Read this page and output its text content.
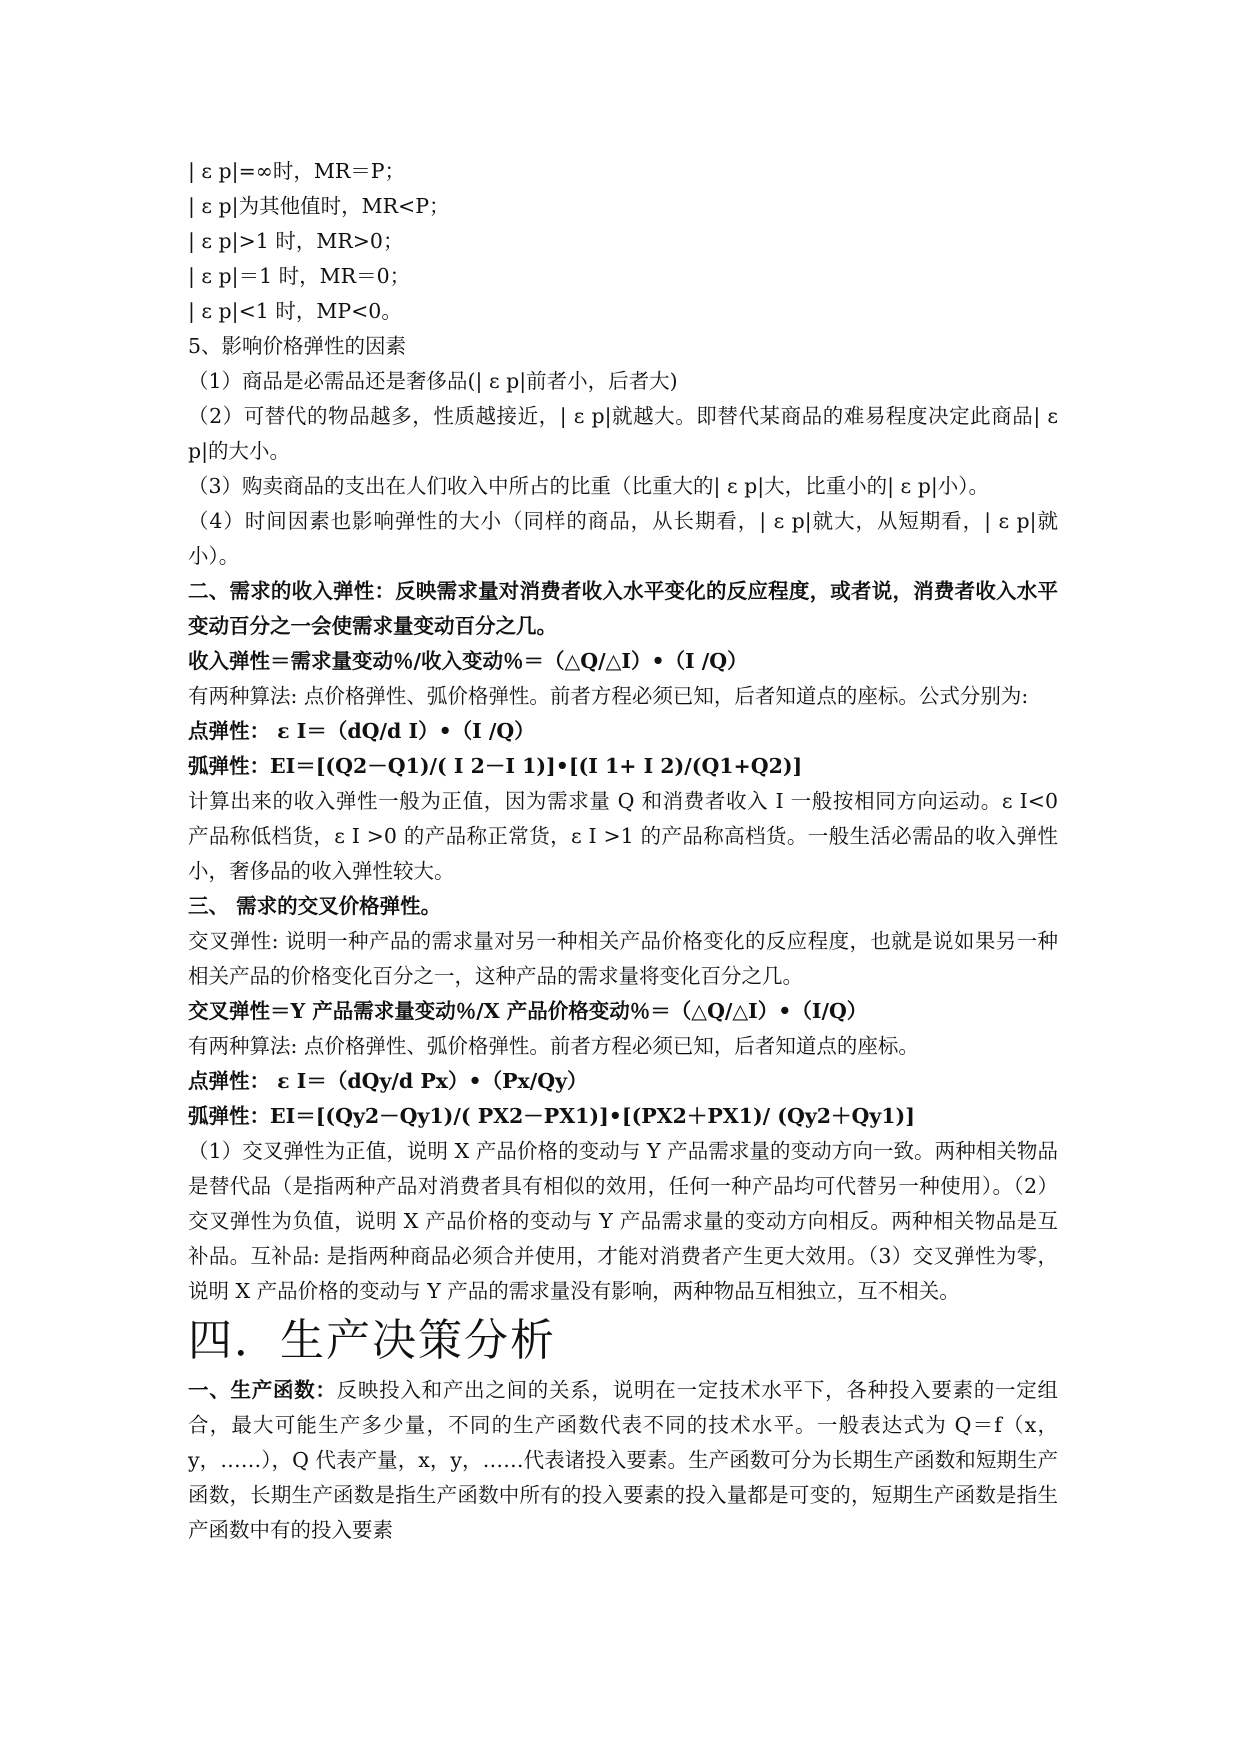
| ε p|=∞时，MR＝P；

| ε p|为其他值时，MR<P；

| ε p|>1 时，MR>0；

| ε p|＝1 时，MR＝0；

| ε p|<1 时，MP<0。

5、影响价格弹性的因素

（1）商品是必需品还是奢侈品(| ε p|前者小，后者大)

（2）可替代的物品越多，性质越接近，| ε p|就越大。即替代某商品的难易程度决定此商品| ε p|的大小。

（3）购卖商品的支出在人们收入中所占的比重（比重大的| ε p|大，比重小的| ε p|小）。

（4）时间因素也影响弹性的大小（同样的商品，从长期看，| ε p|就大，从短期看，| ε p|就小）。

二、需求的收入弹性：反映需求量对消费者收入水平变化的反应程度，或者说，消费者收入水平变动百分之一会使需求量变动百分之几。

收入弹性＝需求量变动％/收入变动％＝（△Q/△I）•（I /Q）

有两种算法: 点价格弹性、弧价格弹性。前者方程必须已知，后者知道点的座标。公式分别为:

点弹性： ε I＝（dQ/d I）•（I /Q）

弧弹性：EI＝[(Q2－Q1)/( I 2－I 1)]•[(I 1+ I 2)/(Q1+Q2)]

计算出来的收入弹性一般为正值，因为需求量 Q 和消费者收入 I 一般按相同方向运动。ε I<0 产品称低档货，ε I >0 的产品称正常货，ε I >1 的产品称高档货。一般生活必需品的收入弹性小，奢侈品的收入弹性较大。

三、 需求的交叉价格弹性。

交叉弹性: 说明一种产品的需求量对另一种相关产品价格变化的反应程度，也就是说如果另一种相关产品的价格变化百分之一，这种产品的需求量将变化百分之几。

交叉弹性＝Y 产品需求量变动％/X 产品价格变动％＝（△Q/△I）•（I/Q）

有两种算法: 点价格弹性、弧价格弹性。前者方程必须已知，后者知道点的座标。

点弹性： ε I＝（dQy/d Px）•（Px/Qy）

弧弹性：EI＝[(Qy2－Qy1)/( PX2－PX1)]•[(PX2＋PX1)/ (Qy2＋Qy1)]

（1）交叉弹性为正值，说明 X 产品价格的变动与 Y 产品需求量的变动方向一致。两种相关物品是替代品（是指两种产品对消费者具有相似的效用，任何一种产品均可代替另一种使用）。（2）交叉弹性为负值，说明 X 产品价格的变动与 Y 产品需求量的变动方向相反。两种相关物品是互补品。互补品: 是指两种商品必须合并使用，才能对消费者产生更大效用。（3）交叉弹性为零，说明 X 产品价格的变动与 Y 产品的需求量没有影响，两种物品互相独立，互不相关。

四．生产决策分析

一、生产函数：反映投入和产出之间的关系，说明在一定技术水平下，各种投入要素的一定组合，最大可能生产多少量，不同的生产函数代表不同的技术水平。一般表达式为 Q＝f（x，y，……），Q 代表产量，x，y，……代表诸投入要素。生产函数可分为长期生产函数和短期生产函数，长期生产函数是指生产函数中所有的投入要素的投入量都是可变的，短期生产函数是指生产函数中有的投入要素
